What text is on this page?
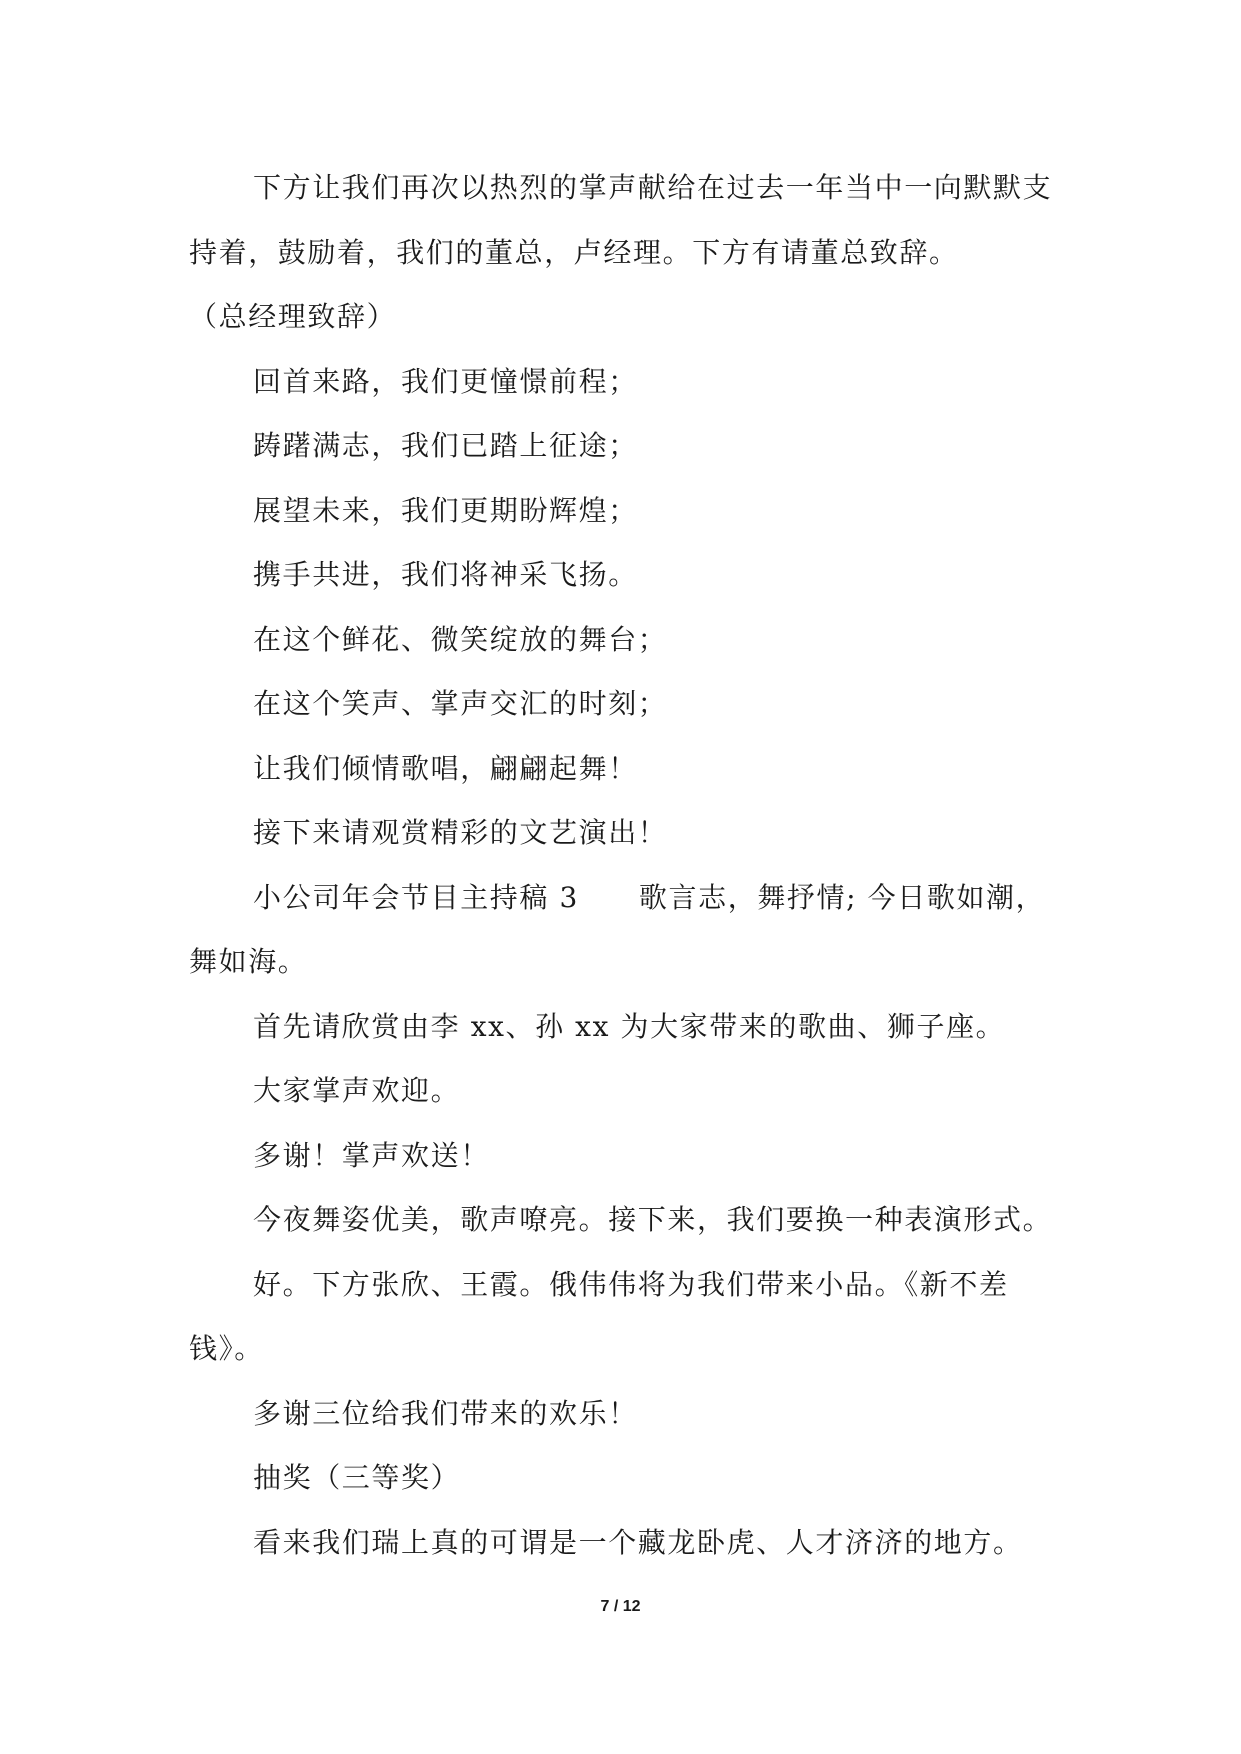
下方让我们再次以热烈的掌声献给在过去一年当中一向默默支持着，鼓励着，我们的董总，卢经理。下方有请董总致辞。

（总经理致辞）

回首来路，我们更憧憬前程；

踌躇满志，我们已踏上征途；

展望未来，我们更期盼辉煌；

携手共进，我们将神采飞扬。

在这个鲜花、微笑绽放的舞台；

在这个笑声、掌声交汇的时刻；

让我们倾情歌唱，翩翩起舞！

接下来请观赏精彩的文艺演出！

小公司年会节目主持稿 3 歌言志，舞抒情; 今日歌如潮，舞如海。

首先请欣赏由李 xx、孙 xx 为大家带来的歌曲、狮子座。

大家掌声欢迎。

多谢！掌声欢送！

今夜舞姿优美，歌声嘹亮。接下来，我们要换一种表演形式。

好。下方张欣、王霞。俄伟伟将为我们带来小品。《新不差钱》。

多谢三位给我们带来的欢乐！

抽奖（三等奖）

看来我们瑞上真的可谓是一个藏龙卧虎、人才济济的地方。

7 / 12
